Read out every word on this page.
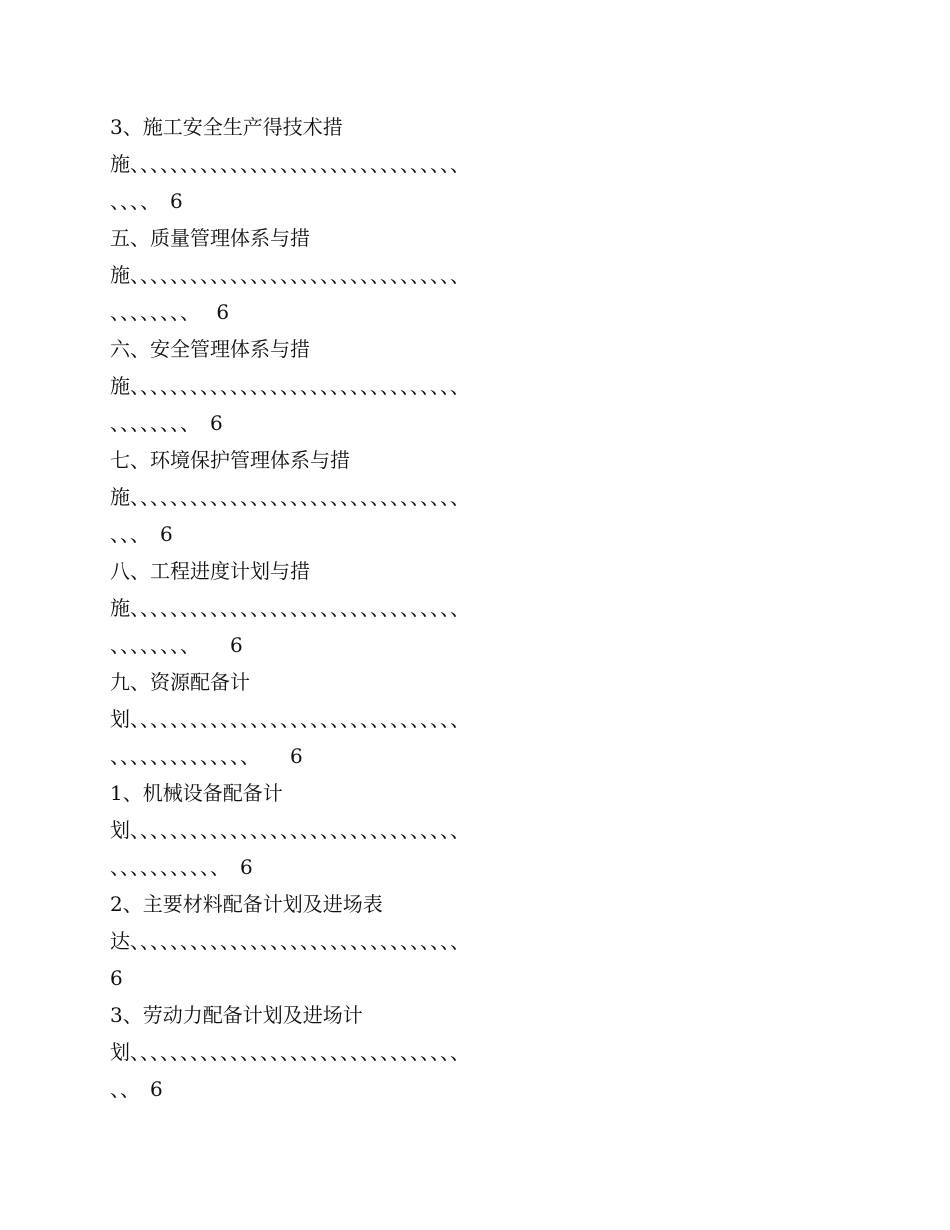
3、施工安全生产得技术措
施、、、、、、、、、、、、、、、、、、、、、、、、、、、、、、、、、
、、、、　6
五、质量管理体系与措
施、、、、、、、、、、、、、、、、、、、、、、、、、、、、、、、、、
、、、、、、、、　 6
六、安全管理体系与措
施、、、、、、、、、、、、、、、、、、、、、、、、、、、、、、、、、
、、、、、、、、　6
七、环境保护管理体系与措
施、、、、、、、、、、、、、、、、、、、、、、、、、、、、、、、、、
、、、　6
八、工程进度计划与措
施、、、、、、、、、、、、、、、、、、、、、、、、、、、、、、、、、
、、、、、、、、　　6
九、资源配备计
划、、、、、、、、、、、、、、、、、、、、、、、、、、、、、、、、、
、、、、、、、、、、、、、、　　6
1、机械设备配备计
划、、、、、、、、、、、、、、、、、、、、、、、、、、、、、、、、、
、、、、、、、、、、、　6
2、主要材料配备计划及进场表
达、、、、、、、、、、、、、、、、、、、、、、、、、、、、、、、、、
6
3、劳动力配备计划及进场计
划、、、、、、、、、、、、、、、、、、、、、、、、、、、、、、、、、
、、　6
